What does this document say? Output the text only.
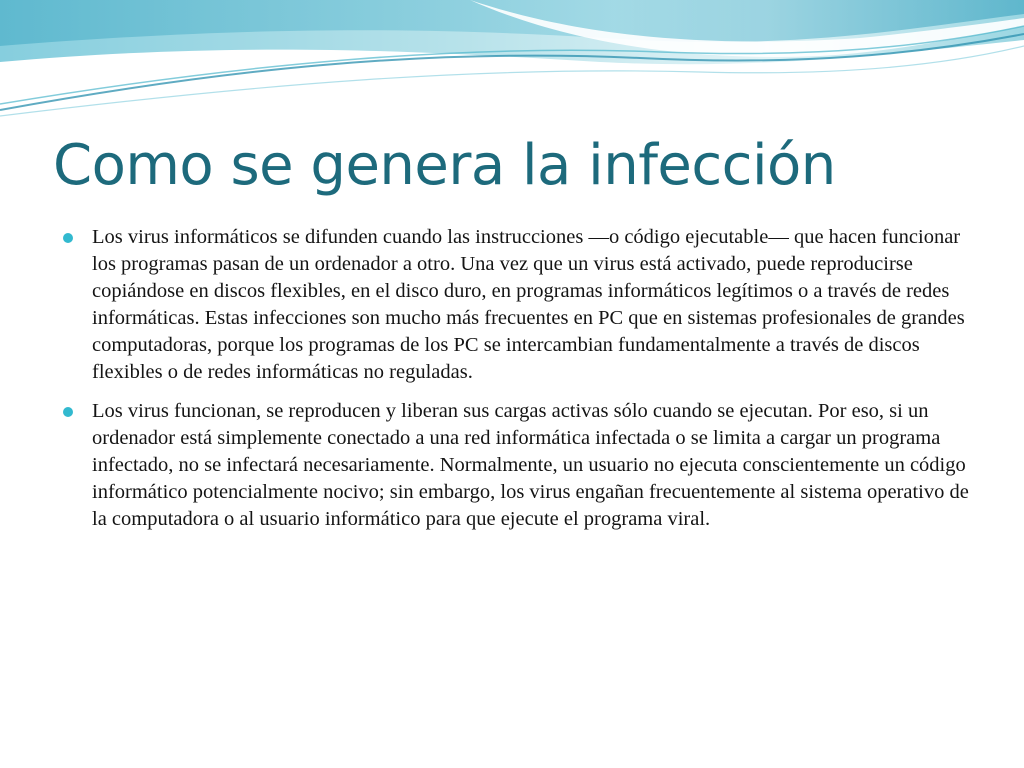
Como se genera la infección
Los virus informáticos se difunden cuando las instrucciones —o código ejecutable— que hacen funcionar los programas pasan de un ordenador a otro. Una vez que un virus está activado, puede reproducirse copiándose en discos flexibles, en el disco duro, en programas informáticos legítimos o a través de redes informáticas. Estas infecciones son mucho más frecuentes en PC que en sistemas profesionales de grandes computadoras, porque los programas de los PC se intercambian fundamentalmente a través de discos flexibles o de redes informáticas no reguladas.
Los virus funcionan, se reproducen y liberan sus cargas activas sólo cuando se ejecutan. Por eso, si un ordenador está simplemente conectado a una red informática infectada o se limita a cargar un programa infectado, no se infectará necesariamente. Normalmente, un usuario no ejecuta conscientemente un código informático potencialmente nocivo; sin embargo, los virus engañan frecuentemente al sistema operativo de la computadora o al usuario informático para que ejecute el programa viral.
